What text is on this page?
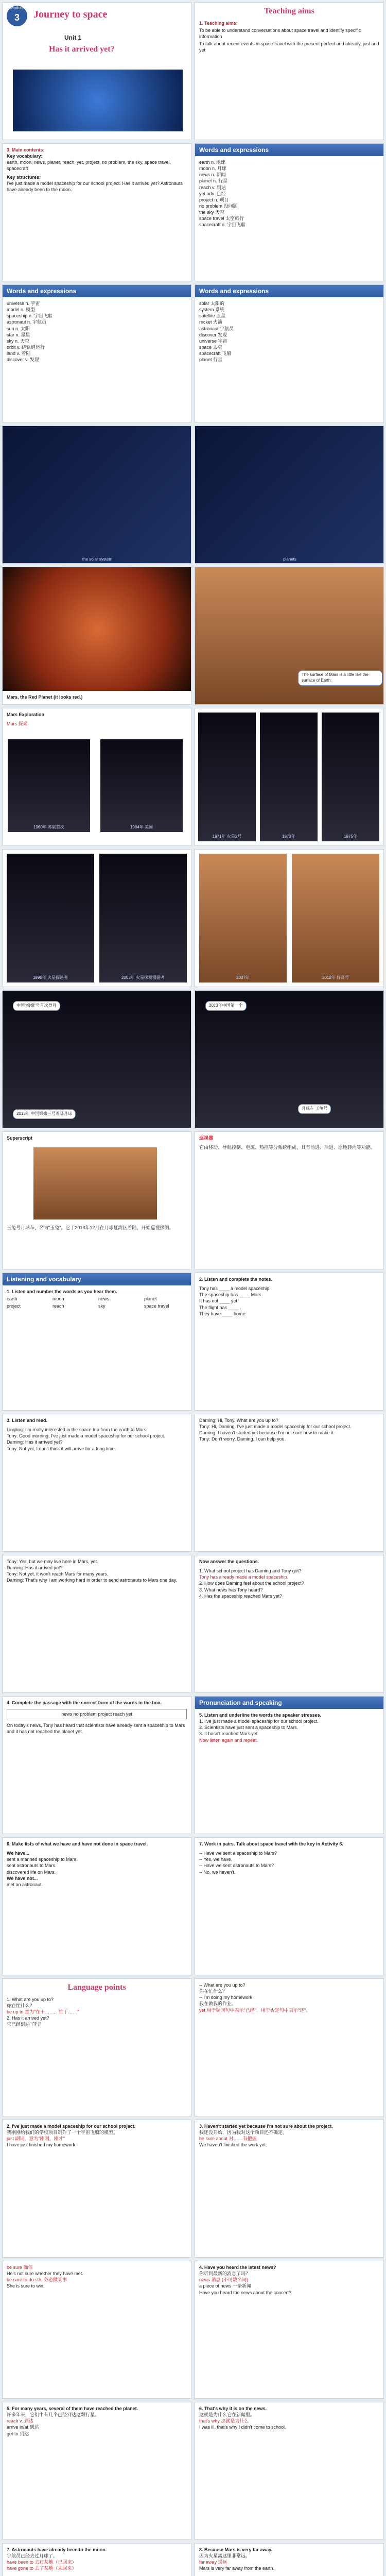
Module
3	Journey to space
Unit 1
Has it arrived yet?
Teaching aims
1. Teaching aims:
To be able to understand conversations about space travel and identify specific information
To talk about recent events in space travel with the present perfect and already, just and yet
3. Main contents:
Key vocabulary:
earth, moon, news, planet, reach, yet, project, no problem, the sky, space travel, spacecraft
Key structures:
I've just made a model spaceship for our school project. Has it arrived yet? Astronauts have already been to the moon.
Words and expressions
earth n. 地球
moon n. 月球
news n. 新闻
planet n. 行星
reach v. 到达
yet adv. 已经
project n. 项目
no problem 没问题
the sky 天空
space travel 太空旅行
spacecraft n. 宇宙飞船
Words and expressions
universe n. 宇宙
model n. 模型
spaceship n. 宇宙飞船
astronaut n. 宇航员
sun n. 太阳
star n. 星星
sky n. 天空
orbit v. 绕轨道运行
land v. 着陆
discover v. 发现
Words and expressions
solar 太阳的
system 系统
satellite 卫星
rocket 火箭
astronaut 宇航员
discover 发现
universe 宇宙
space 太空
spacecraft 飞船
planet 行星
the solar system	planets
Mars, the Red Planet (it looks red.)
The surface of Mars is a little like the surface of Earth.
Mars Exploration
Mars 探索
1960年 苏联首次	1964年 美国
1971年 火星2号	1973年	1975年
1996年 火星探路者	2003年 火星探测漫游者	2007年	2012年 好奇号
中国"嫦娥"号首次登月
2013年 中国嫦娥三号着陆月球
2013年中国第一个
月球车 玉兔号
Superscript
玉兔号月球车，名为"玉兔"。它于2013年12月在月球虹湾区着陆，开始巡视探测。
巡视器
它由移动、导航控制、电源、热控等分系统组成，具有前进、后退、原地转向等功能。
Listening and vocabulary
1. Listen and number the words as you hear them.
earth	moon	news	planet
project	reach	sky	space travel
2. Listen and complete the notes.
Tony has ____ a model spaceship.
The spaceship has ____ Mars.
It has not ____ yet.
The flight has ____ .
They have ____ home.
3. Listen and read.
Lingling: I'm really interested in the space trip from the earth to Mars.
Tony: Good morning, I've just made a model spaceship for our school project.
Daming: Has it arrived yet?
Tony: Not yet, I don't think it will arrive for a long time.
Daming: Hi, Tony. What are you up to?
Tony: Hi, Daming. I've just made a model spaceship for our school project.
Daming: I haven't started yet because I'm not sure how to make it.
Tony: Don't worry, Daming. I can help you.
Tony: Yes, but we may live here in Mars, yet.
Daming: Has it arrived yet?
Tony: Not yet, it won't reach Mars for many years.
Daming: That's why I am working hard in order to send astronauts to Mars one day.
Now answer the questions.
1. What school project has Daming and Tony got?
Tony has already made a model spaceship.
2. How does Daming feel about the school project?
3. What news has Tony heard?
4. Has the spaceship reached Mars yet?
4. Complete the passage with the correct form of the words in the box.
news no problem project reach yet
On today's news, Tony has heard that scientists have already sent a spaceship to Mars and it has not reached the planet yet.
Pronunciation and speaking
5. Listen and underline the words the speaker stresses.
1. I've just made a model spaceship for our school project.
2. Scientists have just sent a spaceship to Mars.
3. It hasn't reached Mars yet.
Now listen again and repeat.
6. Make lists of what we have and have not done in space travel.
We have...
sent a manned spaceship to Mars.
sent astronauts to Mars.
discovered life on Mars.
We have not...
met an astronaut.
7. Work in pairs. Talk about space travel with the key in Activity 6.
-- Have we sent a spaceship to Mars?
-- Yes, we have.
-- Have we sent astronauts to Mars?
-- No, we haven't.
Language points
1. What are you up to?
你在忙什么？
be up to 意为"在干……，忙于……"
2. Has it arrived yet?
它已经到达了吗？
-- What are you up to?
你在忙什么？
-- I'm doing my homework.
我在做我的作业。
yet 用于疑问句中表示"已经"，用于否定句中表示"还"。
2. I've just made a model spaceship for our school project.
我刚刚给我们的学校项目制作了一个宇宙飞船的模型。
just 副词，意为"刚刚，刚才"
I have just finished my homework.
3. Haven't started yet because I'm not sure about the project.
我还没开始，因为我对这个项目还不确定。
be sure about 对……有把握
We haven't finished the work yet.
be sure 确信
He's not sure whether they have met.
be sure to do sth. 务必做某事
She is sure to win.
4. Have you heard the latest news?
你听到最新的消息了吗？
news 消息 (不可数名词)
a piece of news 一条新闻
Have you heard the news about the concert?
5. For many years, several of them have reached the planet.
许多年来，它们中有几个已经到达这颗行星。
reach v. 到达
arrive in/at 到达
get to 到达
6. That's why it is on the news.
这就是为什么它在新闻里。
that's why 那就是为什么
I was ill, that's why I didn't come to school.
7. Astronauts have already been to the moon.
宇航员已经去过月球了。
have been to 去过某地（已回来）
have gone to 去了某地（未回来）
8. Because Mars is very far away.
因为火星离这里非常远。
far away 遥远
Mars is very far away from the earth.
